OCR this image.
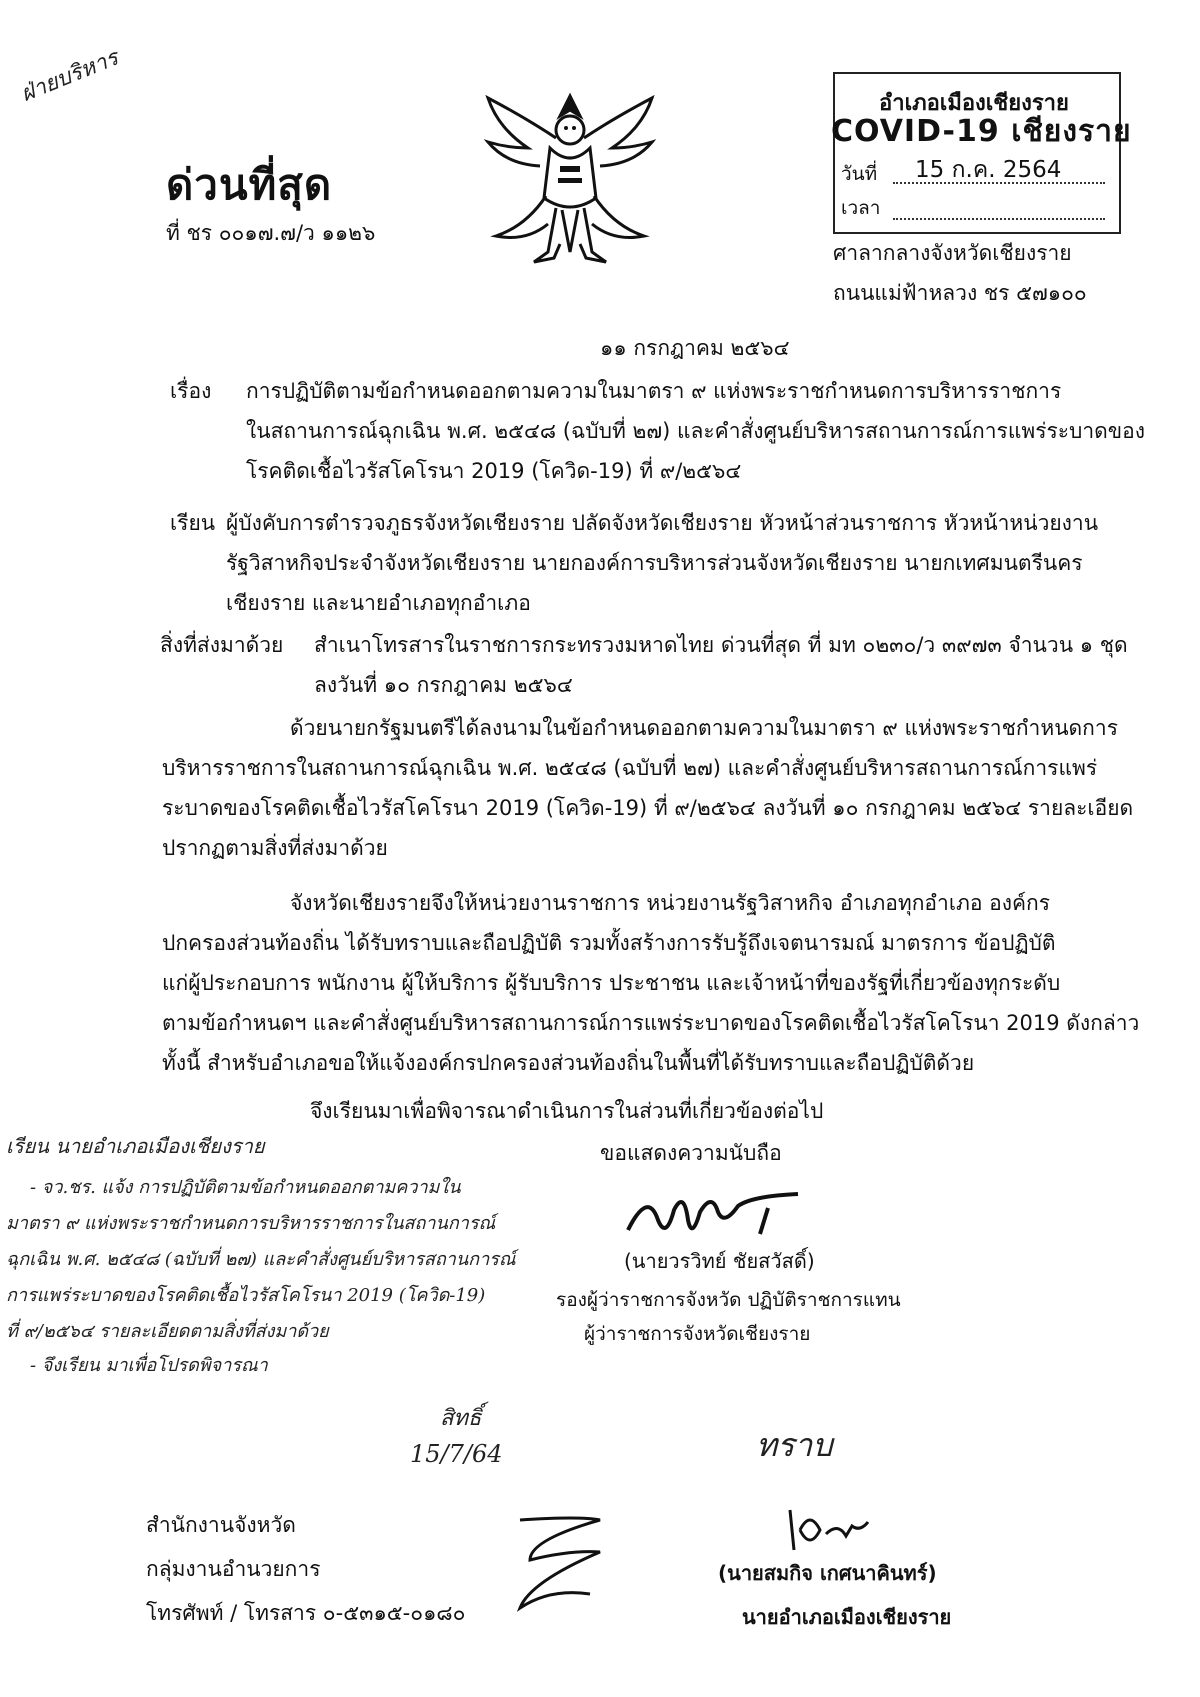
ฝ่ายบริหาร
ด่วนที่สุด
ที่ ชร ๐๐๑๗.๗/ว ๑๑๒๖
อำเภอเมืองเชียงราย
COVID-19 เชียงราย
วันที่ 15 ก.ค. 2564
เวลา
ศาลากลางจังหวัดเชียงราย
ถนนแม่ฟ้าหลวง ชร ๕๗๑๐๐
๑๑ กรกฎาคม ๒๕๖๔
เรื่อง การปฏิบัติตามข้อกำหนดออกตามความในมาตรา ๙ แห่งพระราชกำหนดการบริหารราชการ
ในสถานการณ์ฉุกเฉิน พ.ศ. ๒๕๔๘ (ฉบับที่ ๒๗) และคำสั่งศูนย์บริหารสถานการณ์การแพร่ระบาดของ
โรคติดเชื้อไวรัสโคโรนา 2019 (โควิด-19) ที่ ๙/๒๕๖๔
เรียน ผู้บังคับการตำรวจภูธรจังหวัดเชียงราย ปลัดจังหวัดเชียงราย หัวหน้าส่วนราชการ หัวหน้าหน่วยงาน
รัฐวิสาหกิจประจำจังหวัดเชียงราย นายกองค์การบริหารส่วนจังหวัดเชียงราย นายกเทศมนตรีนคร
เชียงราย และนายอำเภอทุกอำเภอ
สิ่งที่ส่งมาด้วย สำเนาโทรสารในราชการกระทรวงมหาดไทย ด่วนที่สุด ที่ มท ๐๒๓๐/ว ๓๙๗๓ จำนวน ๑ ชุด
ลงวันที่ ๑๐ กรกฎาคม ๒๕๖๔
ด้วยนายกรัฐมนตรีได้ลงนามในข้อกำหนดออกตามความในมาตรา ๙ แห่งพระราชกำหนดการ
บริหารราชการในสถานการณ์ฉุกเฉิน พ.ศ. ๒๕๔๘ (ฉบับที่ ๒๗) และคำสั่งศูนย์บริหารสถานการณ์การแพร่
ระบาดของโรคติดเชื้อไวรัสโคโรนา 2019 (โควิด-19) ที่ ๙/๒๕๖๔ ลงวันที่ ๑๐ กรกฎาคม ๒๕๖๔ รายละเอียด
ปรากฏตามสิ่งที่ส่งมาด้วย
จังหวัดเชียงรายจึงให้หน่วยงานราชการ หน่วยงานรัฐวิสาหกิจ อำเภอทุกอำเภอ องค์กร
ปกครองส่วนท้องถิ่น ได้รับทราบและถือปฏิบัติ รวมทั้งสร้างการรับรู้ถึงเจตนารมณ์ มาตรการ ข้อปฏิบัติ
แก่ผู้ประกอบการ พนักงาน ผู้ให้บริการ ผู้รับบริการ ประชาชน และเจ้าหน้าที่ของรัฐที่เกี่ยวข้องทุกระดับ
ตามข้อกำหนดฯ และคำสั่งศูนย์บริหารสถานการณ์การแพร่ระบาดของโรคติดเชื้อไวรัสโคโรนา 2019 ดังกล่าว
ทั้งนี้ สำหรับอำเภอขอให้แจ้งองค์กรปกครองส่วนท้องถิ่นในพื้นที่ได้รับทราบและถือปฏิบัติด้วย
จึงเรียนมาเพื่อพิจารณาดำเนินการในส่วนที่เกี่ยวข้องต่อไป
เรียน นายอำเภอเมืองเชียงราย
- จว.ชร. แจ้ง การปฏิบัติตามข้อกำหนดออกตามความใน
มาตรา ๙ แห่งพระราชกำหนดการบริหารราชการในสถานการณ์
ฉุกเฉิน พ.ศ. ๒๕๔๘ (ฉบับที่ ๒๗) และคำสั่งศูนย์บริหารสถานการณ์
การแพร่ระบาดของโรคติดเชื้อไวรัสโคโรนา 2019 (โควิด-19)
ที่ ๙/๒๕๖๔ รายละเอียดตามสิ่งที่ส่งมาด้วย
- จึงเรียน มาเพื่อโปรดพิจารณา
ขอแสดงความนับถือ
(นายวรวิทย์ ชัยสวัสดิ์)
รองผู้ว่าราชการจังหวัด ปฏิบัติราชการแทน
ผู้ว่าราชการจังหวัดเชียงราย
สิทธิ์
15/7/64	ทราบ
(นายสมกิจ เกศนาคินทร์)
นายอำเภอเมืองเชียงราย
สำนักงานจังหวัด
กลุ่มงานอำนวยการ
โทรศัพท์ / โทรสาร ๐-๕๓๑๕-๐๑๘๐
